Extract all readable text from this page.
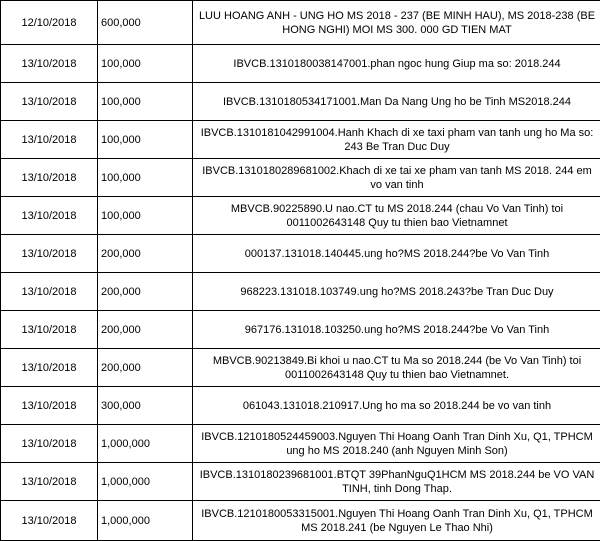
12/10/2018	600,000	LUU HOANG ANH - UNG HO MS 2018 - 237 (BE MINH HAU), MS 2018-238 (BE HONG NGHI) MOI MS 300. 000 GD TIEN MAT
13/10/2018	100,000	IBVCB.1310180038147001.phan ngoc hung Giup ma so: 2018.244
13/10/2018	100,000	IBVCB.1310180534171001.Man Da Nang Ung ho be Tinh MS2018.244
13/10/2018	100,000	IBVCB.1310181042991004.Hanh Khach di xe taxi pham van tanh ung ho Ma so: 243 Be Tran Duc Duy
13/10/2018	100,000	IBVCB.1310180289681002.Khach di xe tai xe pham van tanh MS 2018. 244 em vo van tinh
13/10/2018	100,000	MBVCB.90225890.U nao.CT tu MS 2018.244 (chau Vo Van Tinh) toi 0011002643148 Quy tu thien bao Vietnamnet
13/10/2018	200,000	000137.131018.140445.ung ho?MS 2018.244?be Vo Van Tinh
13/10/2018	200,000	968223.131018.103749.ung ho?MS 2018.243?be Tran Duc Duy
13/10/2018	200,000	967176.131018.103250.ung ho?MS 2018.244?be Vo Van Tinh
13/10/2018	200,000	MBVCB.90213849.Bi khoi u nao.CT tu Ma so 2018.244 (be Vo Van Tinh) toi 0011002643148 Quy tu thien bao Vietnamnet.
13/10/2018	300,000	061043.131018.210917.Ung ho ma so 2018.244 be vo van tinh
13/10/2018	1,000,000	IBVCB.1210180524459003.Nguyen Thi Hoang Oanh Tran Dinh Xu, Q1, TPHCM ung ho MS 2018.240 (anh Nguyen Minh Son)
13/10/2018	1,000,000	IBVCB.1310180239681001.BTQT 39PhanNguQ1HCM MS 2018.244 be VO VAN TINH, tinh Dong Thap.
13/10/2018	1,000,000	IBVCB.1210180053315001.Nguyen Thi Hoang Oanh Tran Dinh Xu, Q1, TPHCM MS 2018.241 (be Nguyen Le Thao Nhi)
